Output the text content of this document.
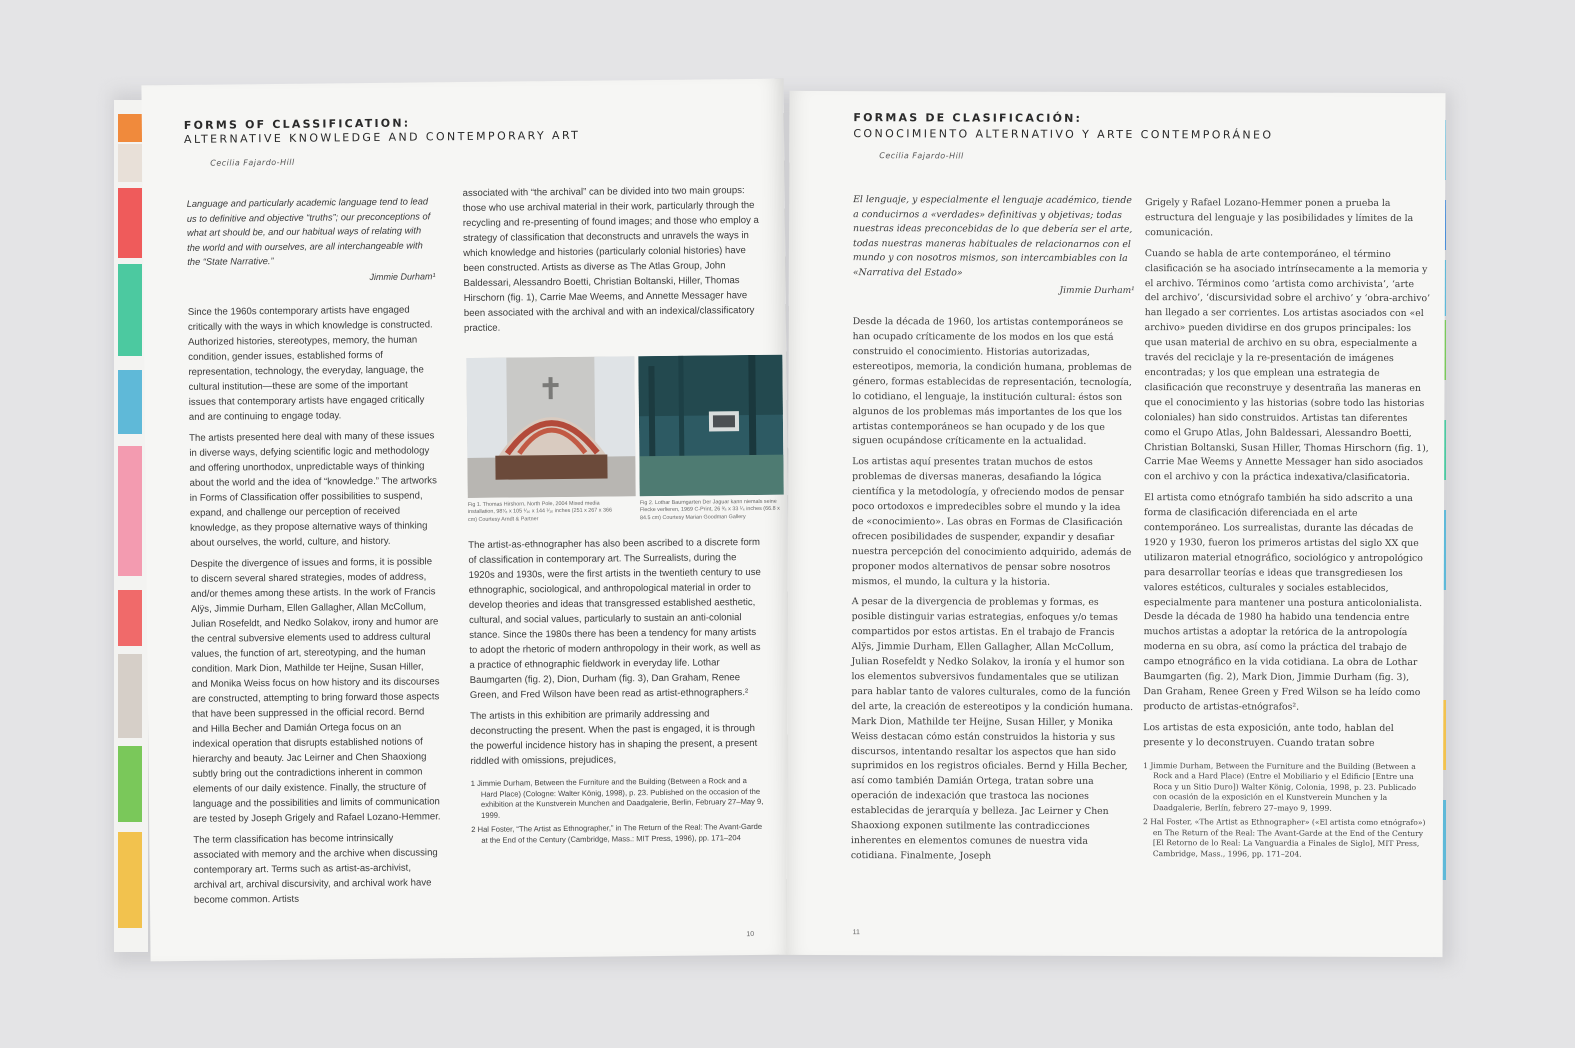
FORMS OF CLASSIFICATION:
ALTERNATIVE KNOWLEDGE AND CONTEMPORARY ART
Cecilia Fajardo-Hill
Language and particularly academic language tend to lead us to definitive and objective “truths”; our preconceptions of what art should be, and our habitual ways of relating with the world and with ourselves, are all interchangeable with the “State Narrative.”
Jimmie Durham¹

Since the 1960s contemporary artists have engaged critically with the ways in which knowledge is constructed. Authorized histories, stereotypes, memory, the human condition, gender issues, established forms of representation, technology, the everyday, language, the cultural institution—these are some of the important issues that contemporary artists have engaged critically and are continuing to engage today.

The artists presented here deal with many of these issues in diverse ways, defying scientific logic and methodology and offering unorthodox, unpredictable ways of thinking about the world and the idea of “knowledge.” The artworks in Forms of Classification offer possibilities to suspend, expand, and challenge our perception of received knowledge, as they propose alternative ways of thinking about ourselves, the world, culture, and history.

Despite the divergence of issues and forms, it is possible to discern several shared strategies, modes of address, and/or themes among these artists. In the work of Francis Alÿs, Jimmie Durham, Ellen Gallagher, Allan McCollum, Julian Rosefeldt, and Nedko Solakov, irony and humor are the central subversive elements used to address cultural values, the function of art, stereotyping, and the human condition. Mark Dion, Mathilde ter Heijne, Susan Hiller, and Monika Weiss focus on how history and its discourses are constructed, attempting to bring forward those aspects that have been suppressed in the official record. Bernd and Hilla Becher and Damián Ortega focus on an indexical operation that disrupts established notions of hierarchy and beauty. Jac Leirner and Chen Shaoxiong subtly bring out the contradictions inherent in common elements of our daily existence. Finally, the structure of language and the possibilities and limits of communication are tested by Joseph Grigely and Rafael Lozano-Hemmer.

The term classification has become intrinsically associated with memory and the archive when discussing contemporary art. Terms such as artist-as-archivist, archival art, archival discursivity, and archival work have become common. Artists

associated with “the archival” can be divided into two main groups: those who use archival material in their work, particularly through the recycling and re-presenting of found images; and those who employ a strategy of classification that deconstructs and unravels the ways in which knowledge and histories (particularly colonial histories) have been constructed. Artists as diverse as The Atlas Group, John Baldessari, Alessandro Boetti, Christian Boltanski, Hiller, Thomas Hirschorn (fig. 1), Carrie Mae Weems, and Annette Messager have been associated with the archival and with an indexical/classificatory practice.

Fig 1. Thomas Hirshorn, North Pole, 2004 Mixed media installation, 98⁷⁄₈ x 105 ¹⁄₁₆ x 144 ¹⁄₁₆ inches (251 x 267 x 366 cm) Courtesy Arndt & Partner
Fig 2. Lothar Baumgarten Der Jaguar kann niemals seine Flecke verlieren, 1969 C-Print, 26 ³⁄₈ x 33 ¹⁄₄ inches (66.8 x 84.5 cm) Courtesy Marian Goodman Gallery

The artist-as-ethnographer has also been ascribed to a discrete form of classification in contemporary art. The Surrealists, during the 1920s and 1930s, were the first artists in the twentieth century to use ethnographic, sociological, and anthropological material in order to develop theories and ideas that transgressed established aesthetic, cultural, and social values, particularly to sustain an anti-colonial stance. Since the 1980s there has been a tendency for many artists to adopt the rhetoric of modern anthropology in their work, as well as a practice of ethnographic fieldwork in everyday life. Lothar Baumgarten (fig. 2), Dion, Durham (fig. 3), Dan Graham, Renee Green, and Fred Wilson have been read as artist-ethnographers.²

The artists in this exhibition are primarily addressing and deconstructing the present. When the past is engaged, it is through the powerful incidence history has in shaping the present, a present riddled with omissions, prejudices,

1 Jimmie Durham, Between the Furniture and the Building (Between a Rock and a Hard Place) (Cologne: Walter König, 1998), p. 23. Published on the occasion of the exhibition at the Kunstverein Munchen and Daadgalerie, Berlin, February 27–May 9, 1999.
2 Hal Foster, “The Artist as Ethnographer,” in The Return of the Real: The Avant-Garde at the End of the Century (Cambridge, Mass.: MIT Press, 1996), pp. 171–204
10
FORMAS DE CLASIFICACIÓN:
CONOCIMIENTO ALTERNATIVO Y ARTE CONTEMPORÁNEO
Cecilia Fajardo-Hill
El lenguaje, y especialmente el lenguaje académico, tiende a conducirnos a «verdades» definitivas y objetivas; todas nuestras ideas preconcebidas de lo que debería ser el arte, todas nuestras maneras habituales de relacionarnos con el mundo y con nosotros mismos, son intercambiables con la «Narrativa del Estado»
Jimmie Durham¹

Desde la década de 1960, los artistas contemporáneos se han ocupado críticamente de los modos en los que está construido el conocimiento. Historias autorizadas, estereotipos, memoria, la condición humana, problemas de género, formas establecidas de representación, tecnología, lo cotidiano, el lenguaje, la institución cultural: éstos son algunos de los problemas más importantes de los que los artistas contemporáneos se han ocupado y de los que siguen ocupándose críticamente en la actualidad.

Los artistas aquí presentes tratan muchos de estos problemas de diversas maneras, desafiando la lógica científica y la metodología, y ofreciendo modos de pensar poco ortodoxos e impredecibles sobre el mundo y la idea de «conocimiento». Las obras en Formas de Clasificación ofrecen posibilidades de suspender, expandir y desafiar nuestra percepción del conocimiento adquirido, además de proponer modos alternativos de pensar sobre nosotros mismos, el mundo, la cultura y la historia.

A pesar de la divergencia de problemas y formas, es posible distinguir varias estrategias, enfoques y/o temas compartidos por estos artistas. En el trabajo de Francis Alÿs, Jimmie Durham, Ellen Gallagher, Allan McCollum, Julian Rosefeldt y Nedko Solakov, la ironía y el humor son los elementos subversivos fundamentales que se utilizan para hablar tanto de valores culturales, como de la función del arte, la creación de estereotipos y la condición humana. Mark Dion, Mathilde ter Heijne, Susan Hiller, y Monika Weiss destacan cómo están construidos la historia y sus discursos, intentando resaltar los aspectos que han sido suprimidos en los registros oficiales. Bernd y Hilla Becher, así como también Damián Ortega, tratan sobre una operación de indexación que trastoca las nociones establecidas de jerarquía y belleza. Jac Leirner y Chen Shaoxiong exponen sutilmente las contradicciones inherentes en elementos comunes de nuestra vida cotidiana. Finalmente, Joseph

Grigely y Rafael Lozano-Hemmer ponen a prueba la estructura del lenguaje y las posibilidades y límites de la comunicación.

Cuando se habla de arte contemporáneo, el término clasificación se ha asociado intrínsecamente a la memoria y el archivo. Términos como ‘artista como archivista’, ‘arte del archivo’, ‘discursividad sobre el archivo’ y ‘obra-archivo’ han llegado a ser corrientes. Los artistas asociados con «el archivo» pueden dividirse en dos grupos principales: los que usan material de archivo en su obra, especialmente a través del reciclaje y la re-presentación de imágenes encontradas; y los que emplean una estrategia de clasificación que reconstruye y desentraña las maneras en que el conocimiento y las historias (sobre todo las historias coloniales) han sido construidos. Artistas tan diferentes como el Grupo Atlas, John Baldessari, Alessandro Boetti, Christian Boltanski, Susan Hiller, Thomas Hirschorn (fig. 1), Carrie Mae Weems y Annette Messager han sido asociados con el archivo y con la práctica indexativa/clasificatoria.

El artista como etnógrafo también ha sido adscrito a una forma de clasificación diferenciada en el arte contemporáneo. Los surrealistas, durante las décadas de 1920 y 1930, fueron los primeros artistas del siglo XX que utilizaron material etnográfico, sociológico y antropológico para desarrollar teorías e ideas que transgrediesen los valores estéticos, culturales y sociales establecidos, especialmente para mantener una postura anticolonialista. Desde la década de 1980 ha habido una tendencia entre muchos artistas a adoptar la retórica de la antropología moderna en su obra, así como la práctica del trabajo de campo etnográfico en la vida cotidiana. La obra de Lothar Baumgarten (fig. 2), Mark Dion, Jimmie Durham (fig. 3), Dan Graham, Renee Green y Fred Wilson se ha leído como producto de artistas-etnógrafos².

Los artistas de esta exposición, ante todo, hablan del presente y lo deconstruyen. Cuando tratan sobre

1 Jimmie Durham, Between the Furniture and the Building (Between a Rock and a Hard Place) (Entre el Mobiliario y el Edificio [Entre una Roca y un Sitio Duro]) Walter König, Colonia, 1998, p. 23. Publicado con ocasión de la exposición en el Kunstverein Munchen y la Daadgalerie, Berlín, febrero 27–mayo 9, 1999.
2 Hal Foster, «The Artist as Ethnographer» («El artista como etnógrafo») en The Return of the Real: The Avant-Garde at the End of the Century [El Retorno de lo Real: La Vanguardia a Finales de Siglo], MIT Press, Cambridge, Mass., 1996, pp. 171–204.
11
